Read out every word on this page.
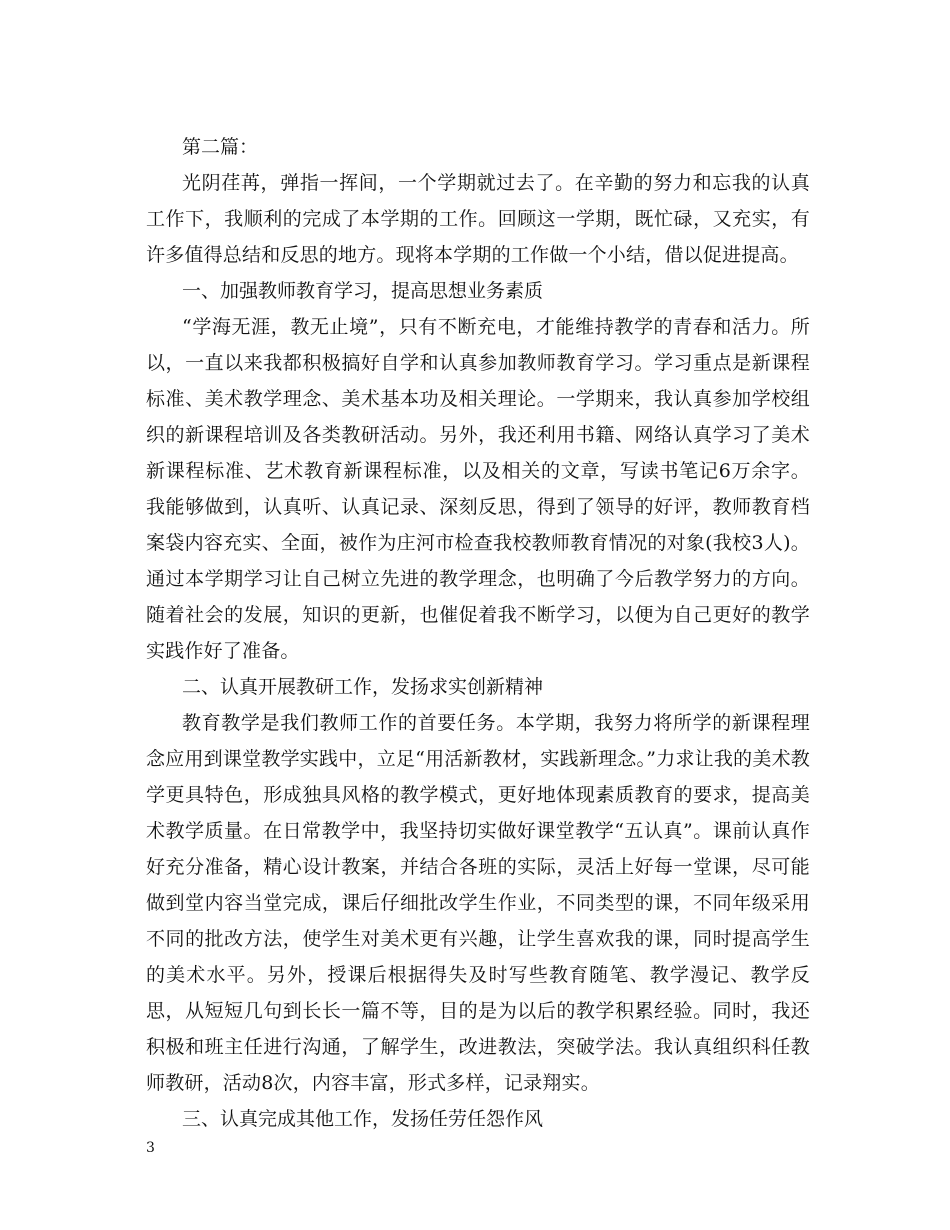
第二篇：

光阴荏苒，弹指一挥间，一个学期就过去了。在辛勤的努力和忘我的认真工作下，我顺利的完成了本学期的工作。回顾这一学期，既忙碌，又充实，有许多值得总结和反思的地方。现将本学期的工作做一个小结，借以促进提高。

一、加强教师教育学习，提高思想业务素质

“学海无涯，教无止境”，只有不断充电，才能维持教学的青春和活力。所以，一直以来我都积极搞好自学和认真参加教师教育学习。学习重点是新课程标准、美术教学理念、美术基本功及相关理论。一学期来，我认真参加学校组织的新课程培训及各类教研活动。另外，我还利用书籍、网络认真学习了美术新课程标准、艺术教育新课程标准，以及相关的文章，写读书笔记6万余字。我能够做到，认真听、认真记录、深刻反思，得到了领导的好评，教师教育档案袋内容充实、全面，被作为庄河市检查我校教师教育情况的对象(我校3人)。通过本学期学习让自己树立先进的教学理念，也明确了今后教学努力的方向。随着社会的发展，知识的更新，也催促着我不断学习，以便为自己更好的教学实践作好了准备。

二、认真开展教研工作，发扬求实创新精神

教育教学是我们教师工作的首要任务。本学期，我努力将所学的新课程理念应用到课堂教学实践中，立足“用活新教材，实践新理念。”力求让我的美术教学更具特色，形成独具风格的教学模式，更好地体现素质教育的要求，提高美术教学质量。在日常教学中，我坚持切实做好课堂教学“五认真”。课前认真作好充分准备，精心设计教案，并结合各班的实际，灵活上好每一堂课，尽可能做到堂内容当堂完成，课后仔细批改学生作业，不同类型的课，不同年级采用不同的批改方法，使学生对美术更有兴趣，让学生喜欢我的课，同时提高学生的美术水平。另外，授课后根据得失及时写些教育随笔、教学漫记、教学反思，从短短几句到长长一篇不等，目的是为以后的教学积累经验。同时，我还积极和班主任进行沟通，了解学生，改进教法，突破学法。我认真组织科任教师教研，活动8次，内容丰富，形式多样，记录翔实。

三、认真完成其他工作，发扬任劳任怨作风

3
